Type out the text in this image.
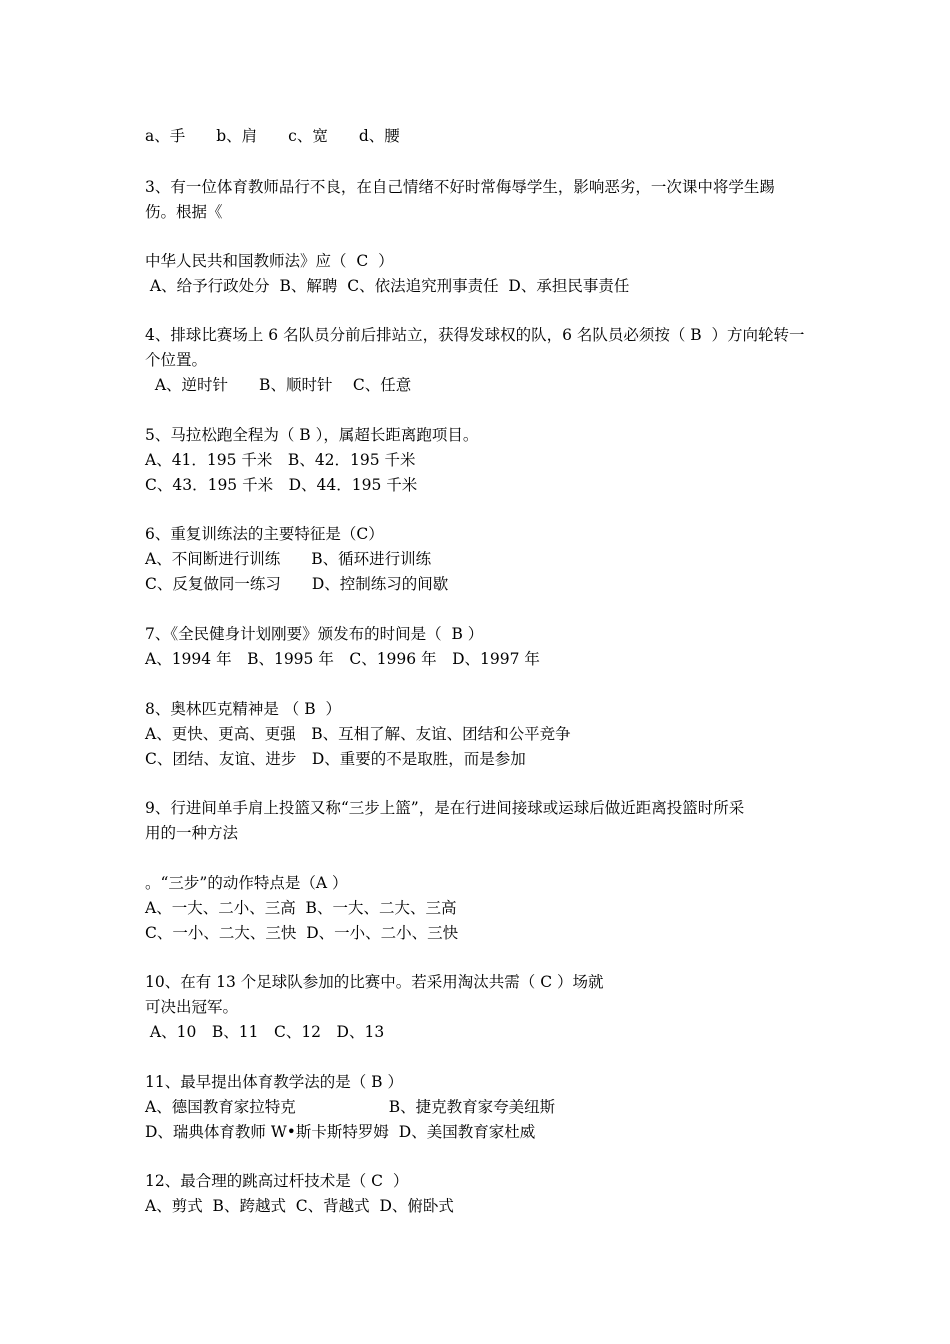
a、手　　b、肩　　c、宽　　d、腰
3、有一位体育教师品行不良，在自己情绪不好时常侮辱学生，影响恶劣，一次课中将学生踢
伤。根据《
中华人民共和国教师法》应（  C  ）
A、给予行政处分  B、解聘  C、依法追究刑事责任  D、承担民事责任
4、排球比赛场上 6 名队员分前后排站立，获得发球权的队，6 名队员必须按（ B  ）方向轮转一
个位置。
A、逆时针　　B、顺时针　 C、任意
5、马拉松跑全程为（ B ），属超长距离跑项目。
A、41．195 千米　B、42．195 千米
C、43．195 千米　D、44．195 千米
6、重复训练法的主要特征是（C）
A、不间断进行训练　　B、循环进行训练
C、反复做同一练习　　D、控制练习的间歇
7、《全民健身计划刚要》颁发布的时间是（  B ）
A、1994 年　B、1995 年　C、1996 年　D、1997 年
8、奥林匹克精神是 （ B  ）
A、更快、更高、更强　B、互相了解、友谊、团结和公平竞争
C、团结、友谊、进步　D、重要的不是取胜，而是参加
9、行进间单手肩上投篮又称“三步上篮”，是在行进间接球或运球后做近距离投篮时所采
用的一种方法
。“三步”的动作特点是（A ）
A、一大、二小、三高  B、一大、二大、三高
C、一小、二大、三快  D、一小、二小、三快
10、在有 13 个足球队参加的比赛中。若采用淘汰共需（ C ）场就
可决出冠军。
A、10　B、11　C、12　D、13
11、最早提出体育教学法的是（ B ）
A、德国教育家拉特克　　　　　　B、捷克教育家夸美纽斯
D、瑞典体育教师 W•斯卡斯特罗姆  D、美国教育家杜威
12、最合理的跳高过杆技术是（ C  ）
A、剪式  B、跨越式  C、背越式  D、俯卧式
